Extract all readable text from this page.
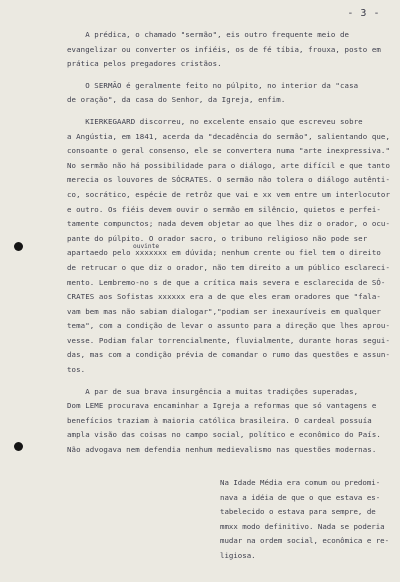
- 3 -

A prédica, o chamado "sermão", eis outro frequente meio de

evangelizar ou converter os infiéis, os de fé tíbia, frouxa, posto em

prática pelos pregadores cristãos.

O SERMÃO é geralmente feito no púlpito, no interior da "casa

de oração", da casa do Senhor, da Igreja, enfim.

KIERKEGAARD discorreu, no excelente ensaio que escreveu sobre

a Angústia, em 1841, acerda da "decadência do sermão", salientando que,

consoante o geral consenso, ele se convertera numa "arte inexpressiva."

No sermão não há possibilidade para o diálogo, arte difícil e que tanto

merecia os louvores de SÓCRATES. O sermão não tolera o diálogo autênti-

co, socrático, espécie de retrôz que vai e xx vem entre um interlocutor

e outro. Os fiéis devem ouvir o sermão em silêncio, quietos e perfei-

tamente compunctos; nada devem objetar ao que lhes diz o orador, o ocu-

pante do púlpito. O orador sacro, o tribuno religioso não pode ser

apartaedo pelo xxxxxxx em dúvida; nenhum crente ou fiel tem o direito

de retrucar o que diz o orador, não tem direito a um público esclareci-

mento. Lembremo-no s de que a crítica mais severa e esclarecida de SÓ-

CRATES aos Sofistas xxxxxx era a de que eles eram oradores que "fala-

vam bem mas não sabiam dialogar","podiam ser inexauríveis em qualquer

tema", com a condição de levar o assunto para a direção que lhes aprou-

vesse. Podiam falar torrencialmente, fluvialmente, durante horas segui-

das, mas com a condição prévia de comandar o rumo das questões e assun-

tos.

A par de sua brava insurgência a muitas tradições superadas,

Dom LEME procurava encaminhar a Igreja a reformas que só vantagens e

benefícios traziam à maioria católica brasileira. O cardeal possuía

ampla visão das coisas no campo social, político e econômico do País.

Não advogava nem defendia nenhum medievalismo nas questões modernas.

ouvinte

Na Idade Média era comum ou predomi-

nava a idéia de que o que estava es-

tabelecido o estava para sempre, de

mmxx modo definitivo. Nada se poderia

mudar na ordem social, econômica e re-

ligiosa.
